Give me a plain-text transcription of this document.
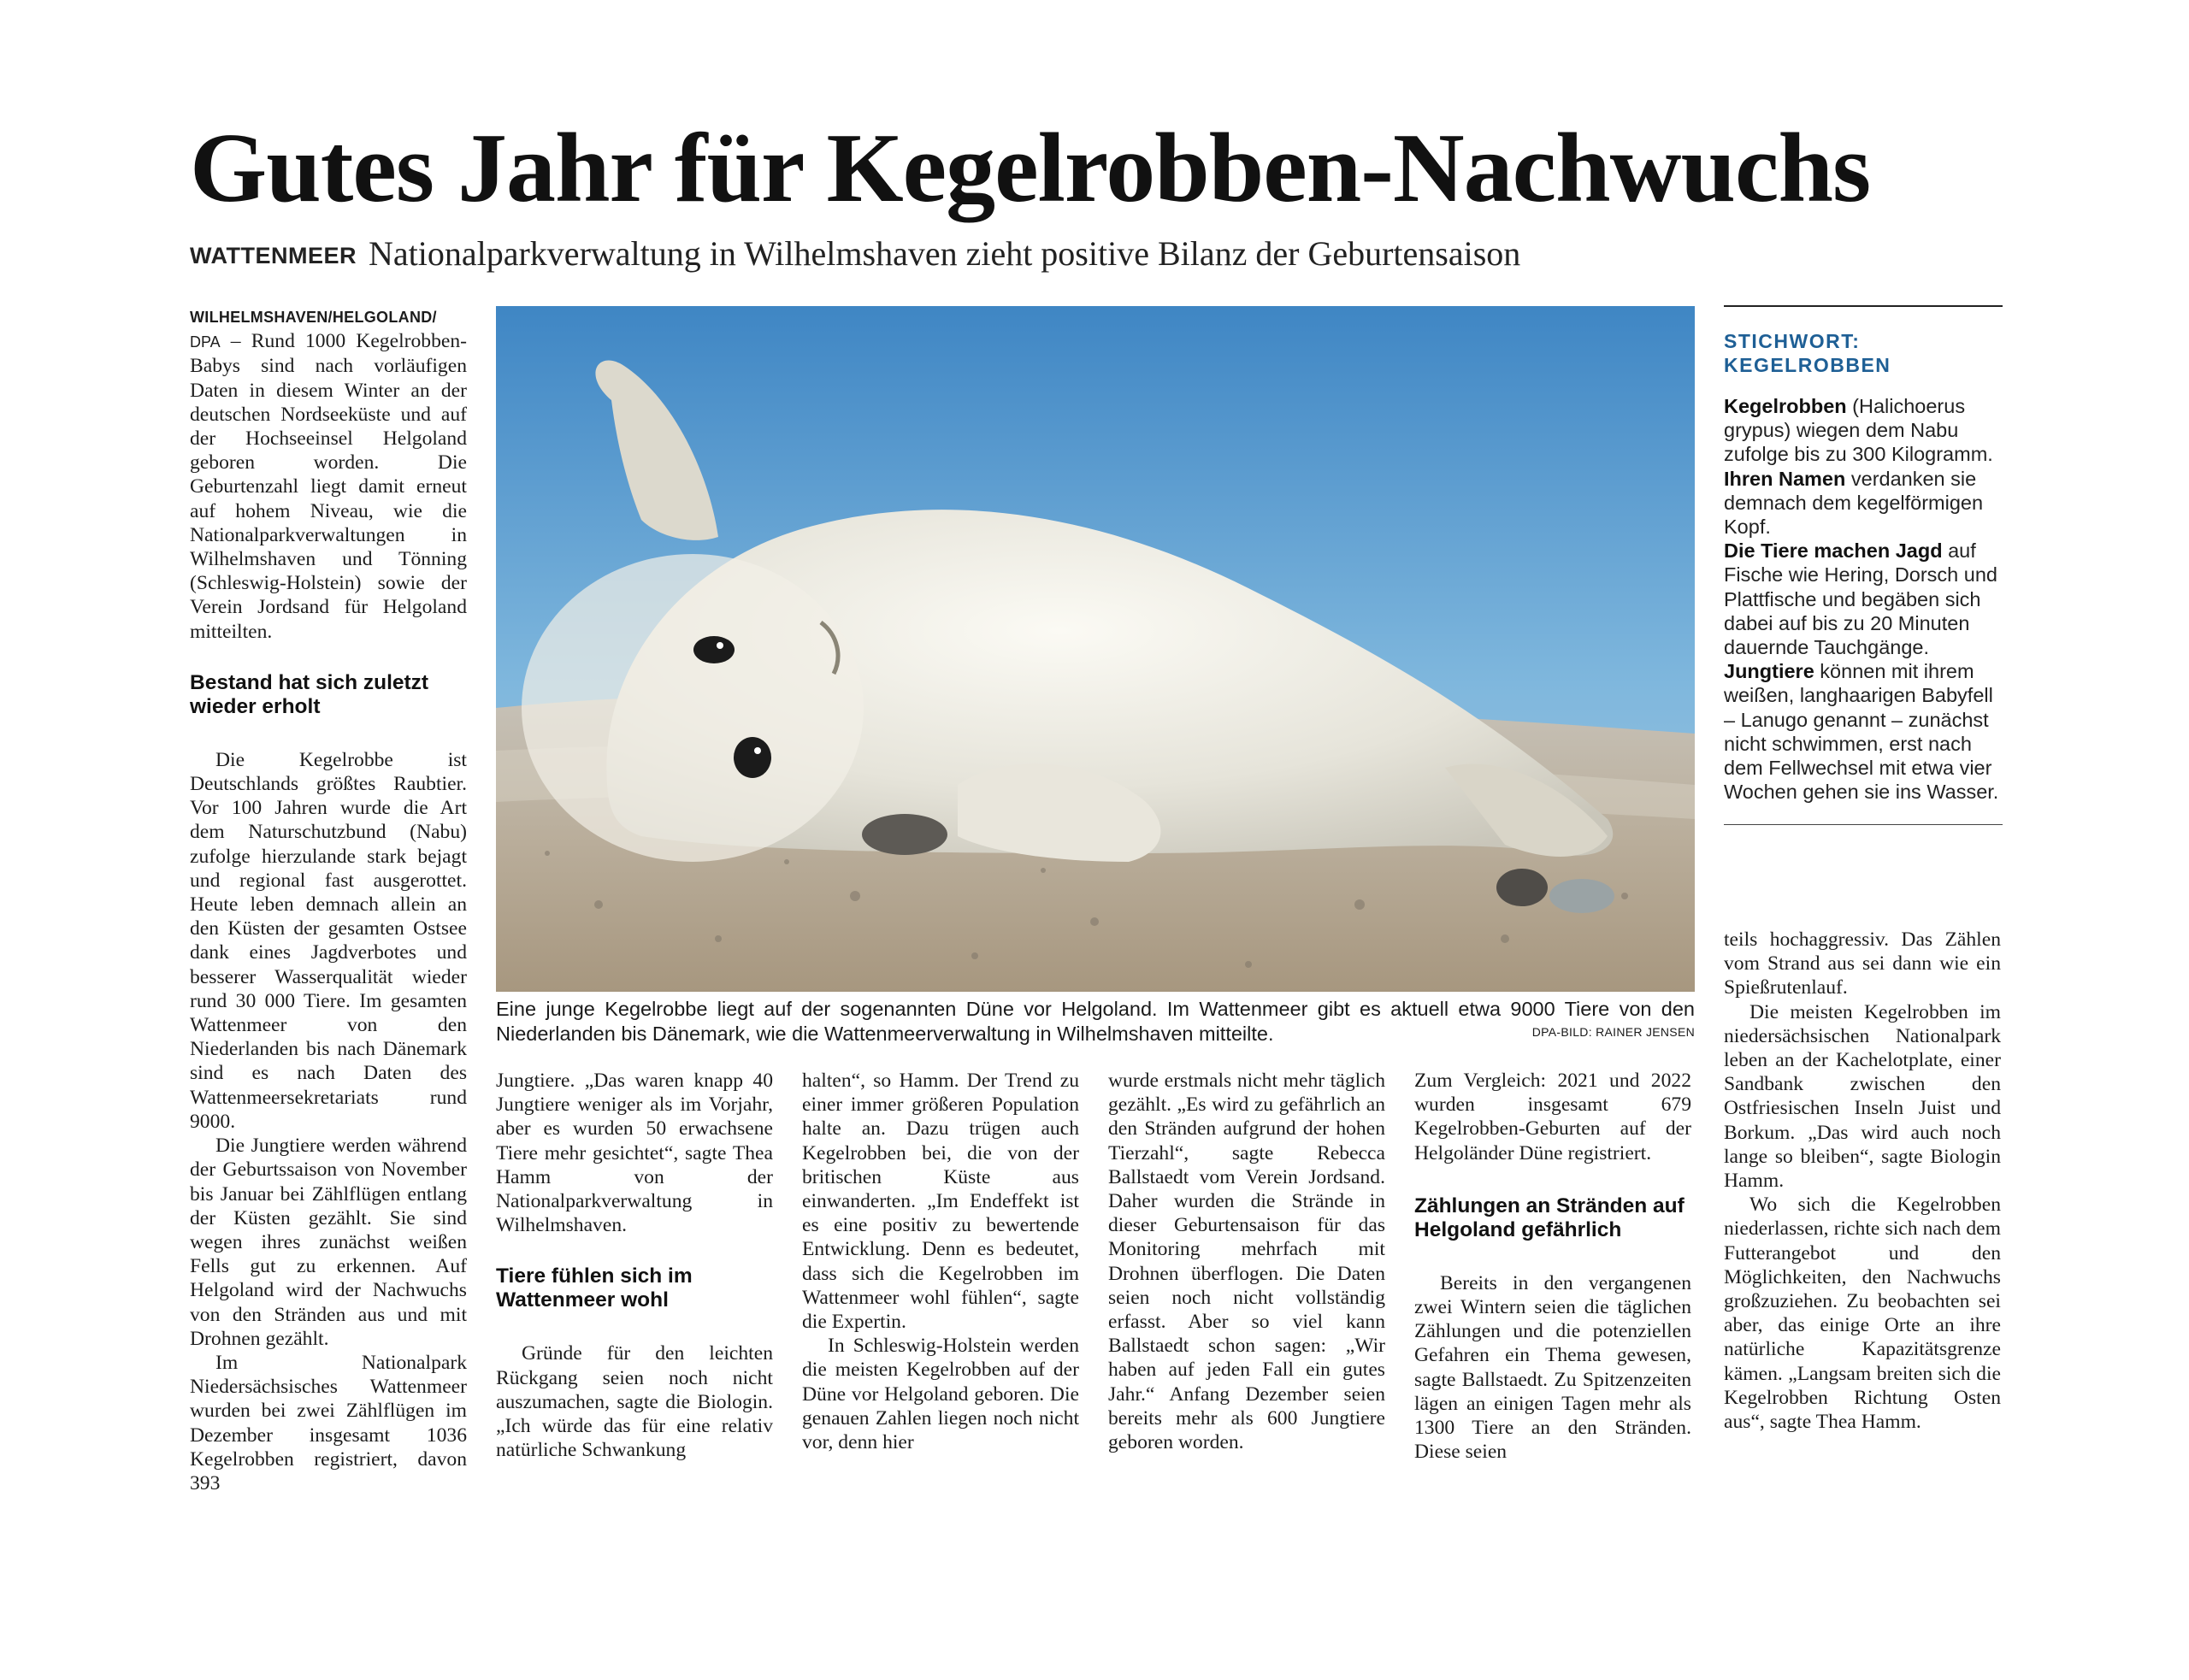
Gutes Jahr für Kegelrobben-Nachwuchs
WATTENMEER Nationalparkverwaltung in Wilhelmshaven zieht positive Bilanz der Geburtensaison

WILHELMSHAVEN/HELGOLAND/
DPA – Rund 1000 Kegelrobben-Babys sind nach vorläufigen Daten in diesem Winter an der deutschen Nordseeküste und auf der Hochseeinsel Helgoland geboren worden. Die Geburtenzahl liegt damit erneut auf hohem Niveau, wie die Nationalparkverwaltungen in Wilhelmshaven und Tönning (Schleswig-Holstein) sowie der Verein Jordsand für Helgoland mitteilten.

Bestand hat sich zuletzt wieder erholt

Die Kegelrobbe ist Deutschlands größtes Raubtier. Vor 100 Jahren wurde die Art dem Naturschutzbund (Nabu) zufolge hierzulande stark bejagt und regional fast ausgerottet. Heute leben demnach allein an den Küsten der gesamten Ostsee dank eines Jagdverbotes und besserer Wasserqualität wieder rund 30 000 Tiere. Im gesamten Wattenmeer von den Niederlanden bis nach Dänemark sind es nach Daten des Wattenmeersekretariats rund 9000.

Die Jungtiere werden während der Geburtssaison von November bis Januar bei Zählflügen entlang der Küsten gezählt. Sie sind wegen ihres zunächst weißen Fells gut zu erkennen. Auf Helgoland wird der Nachwuchs von den Stränden aus und mit Drohnen gezählt.

Im Nationalpark Niedersächsisches Wattenmeer wurden bei zwei Zählflügen im Dezember insgesamt 1036 Kegelrobben registriert, davon 393

Eine junge Kegelrobbe liegt auf der sogenannten Düne vor Helgoland. Im Wattenmeer gibt es aktuell etwa 9000 Tiere von den Niederlanden bis Dänemark, wie die Wattenmeerverwaltung in Wilhelmshaven mitteilte.	DPA-BILD: RAINER JENSEN

Jungtiere. „Das waren knapp 40 Jungtiere weniger als im Vorjahr, aber es wurden 50 erwachsene Tiere mehr gesichtet“, sagte Thea Hamm von der Nationalparkverwaltung in Wilhelmshaven.

Tiere fühlen sich im Wattenmeer wohl

Gründe für den leichten Rückgang seien noch nicht auszumachen, sagte die Biologin. „Ich würde das für eine relativ natürliche Schwankung

halten“, so Hamm. Der Trend zu einer immer größeren Population halte an. Dazu trügen auch Kegelrobben bei, die von der britischen Küste aus einwanderten. „Im Endeffekt ist es eine positiv zu bewertende Entwicklung. Denn es bedeutet, dass sich die Kegelrobben im Wattenmeer wohl fühlen“, sagte die Expertin.

In Schleswig-Holstein werden die meisten Kegelrobben auf der Düne vor Helgoland geboren. Die genauen Zahlen liegen noch nicht vor, denn hier

wurde erstmals nicht mehr täglich gezählt. „Es wird zu gefährlich an den Stränden aufgrund der hohen Tierzahl“, sagte Rebecca Ballstaedt vom Verein Jordsand. Daher wurden die Strände in dieser Geburtensaison für das Monitoring mehrfach mit Drohnen überflogen. Die Daten seien noch nicht vollständig erfasst. Aber so viel kann Ballstaedt schon sagen: „Wir haben auf jeden Fall ein gutes Jahr.“ Anfang Dezember seien bereits mehr als 600 Jungtiere geboren worden.

Zum Vergleich: 2021 und 2022 wurden insgesamt 679 Kegelrobben-Geburten auf der Helgoländer Düne registriert.

Zählungen an Stränden auf Helgoland gefährlich

Bereits in den vergangenen zwei Wintern seien die täglichen Zählungen und die potenziellen Gefahren ein Thema gewesen, sagte Ballstaedt. Zu Spitzenzeiten lägen an einigen Tagen mehr als 1300 Tiere an den Stränden. Diese seien

STICHWORT:
KEGELROBBEN

Kegelrobben (Halichoerus grypus) wiegen dem Nabu zufolge bis zu 300 Kilogramm.

Ihren Namen verdanken sie demnach dem kegelförmigen Kopf.

Die Tiere machen Jagd auf Fische wie Hering, Dorsch und Plattfische und begäben sich dabei auf bis zu 20 Minuten dauernde Tauchgänge.

Jungtiere können mit ihrem weißen, langhaarigen Babyfell – Lanugo genannt – zunächst nicht schwimmen, erst nach dem Fellwechsel mit etwa vier Wochen gehen sie ins Wasser.

teils hochaggressiv. Das Zählen vom Strand aus sei dann wie ein Spießrutenlauf.

Die meisten Kegelrobben im niedersächsischen Nationalpark leben an der Kachelotplate, einer Sandbank zwischen den Ostfriesischen Inseln Juist und Borkum. „Das wird auch noch lange so bleiben“, sagte Biologin Hamm.

Wo sich die Kegelrobben niederlassen, richte sich nach dem Futterangebot und den Möglichkeiten, den Nachwuchs großzuziehen. Zu beobachten sei aber, das einige Orte an ihre natürliche Kapazitätsgrenze kämen. „Langsam breiten sich die Kegelrobben Richtung Osten aus“, sagte Thea Hamm.
